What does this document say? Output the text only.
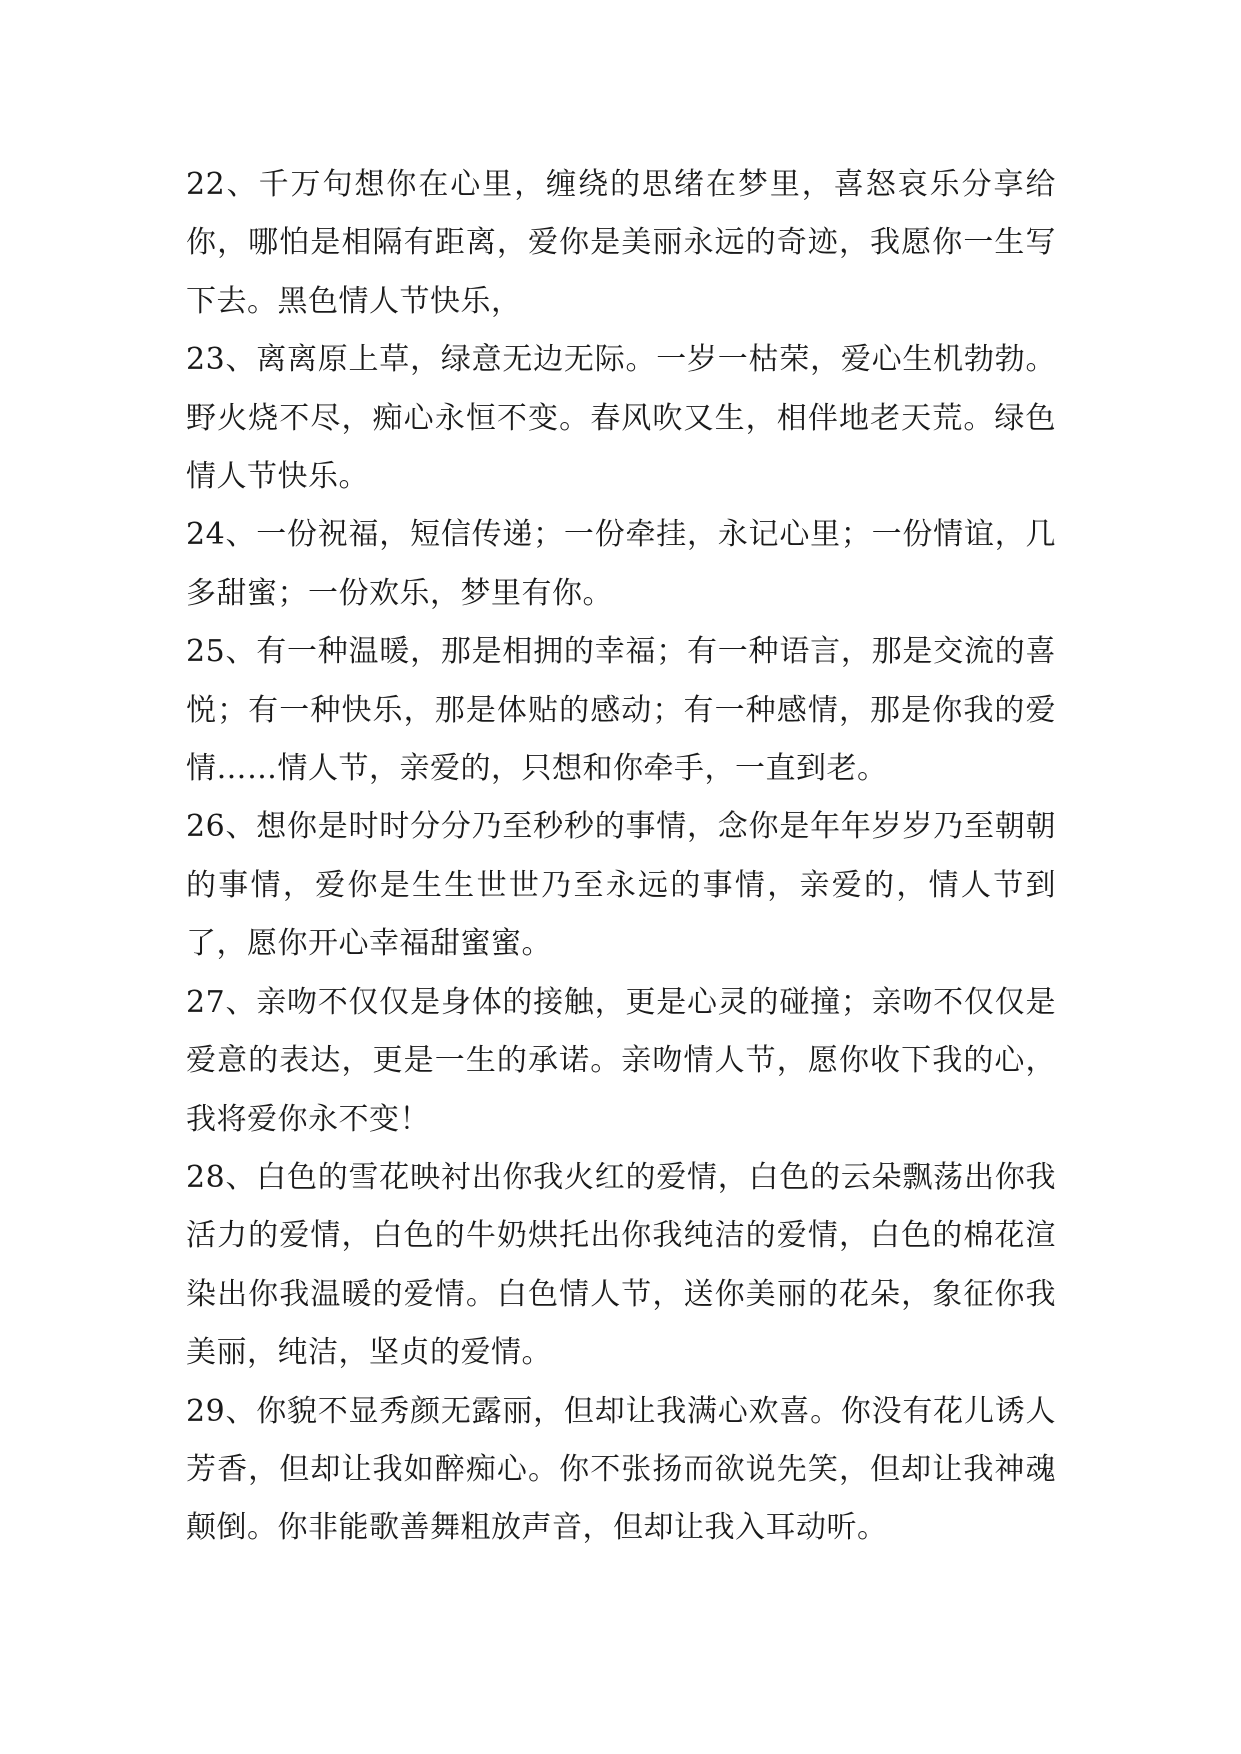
22、千万句想你在心里，缠绕的思绪在梦里，喜怒哀乐分享给你，哪怕是相隔有距离，爱你是美丽永远的奇迹，我愿你一生写下去。黑色情人节快乐，

23、离离原上草，绿意无边无际。一岁一枯荣，爱心生机勃勃。野火烧不尽，痴心永恒不变。春风吹又生，相伴地老天荒。绿色情人节快乐。

24、一份祝福，短信传递；一份牵挂，永记心里；一份情谊，几多甜蜜；一份欢乐，梦里有你。

25、有一种温暖，那是相拥的幸福；有一种语言，那是交流的喜悦；有一种快乐，那是体贴的感动；有一种感情，那是你我的爱情……情人节，亲爱的，只想和你牵手，一直到老。

26、想你是时时分分乃至秒秒的事情，念你是年年岁岁乃至朝朝的事情，爱你是生生世世乃至永远的事情，亲爱的，情人节到了，愿你开心幸福甜蜜蜜。

27、亲吻不仅仅是身体的接触，更是心灵的碰撞；亲吻不仅仅是爱意的表达，更是一生的承诺。亲吻情人节，愿你收下我的心，我将爱你永不变！

28、白色的雪花映衬出你我火红的爱情，白色的云朵飘荡出你我活力的爱情，白色的牛奶烘托出你我纯洁的爱情，白色的棉花渲染出你我温暖的爱情。白色情人节，送你美丽的花朵，象征你我美丽，纯洁，坚贞的爱情。

29、你貌不显秀颜无露丽，但却让我满心欢喜。你没有花儿诱人芳香，但却让我如醉痴心。你不张扬而欲说先笑，但却让我神魂颠倒。你非能歌善舞粗放声音，但却让我入耳动听。
